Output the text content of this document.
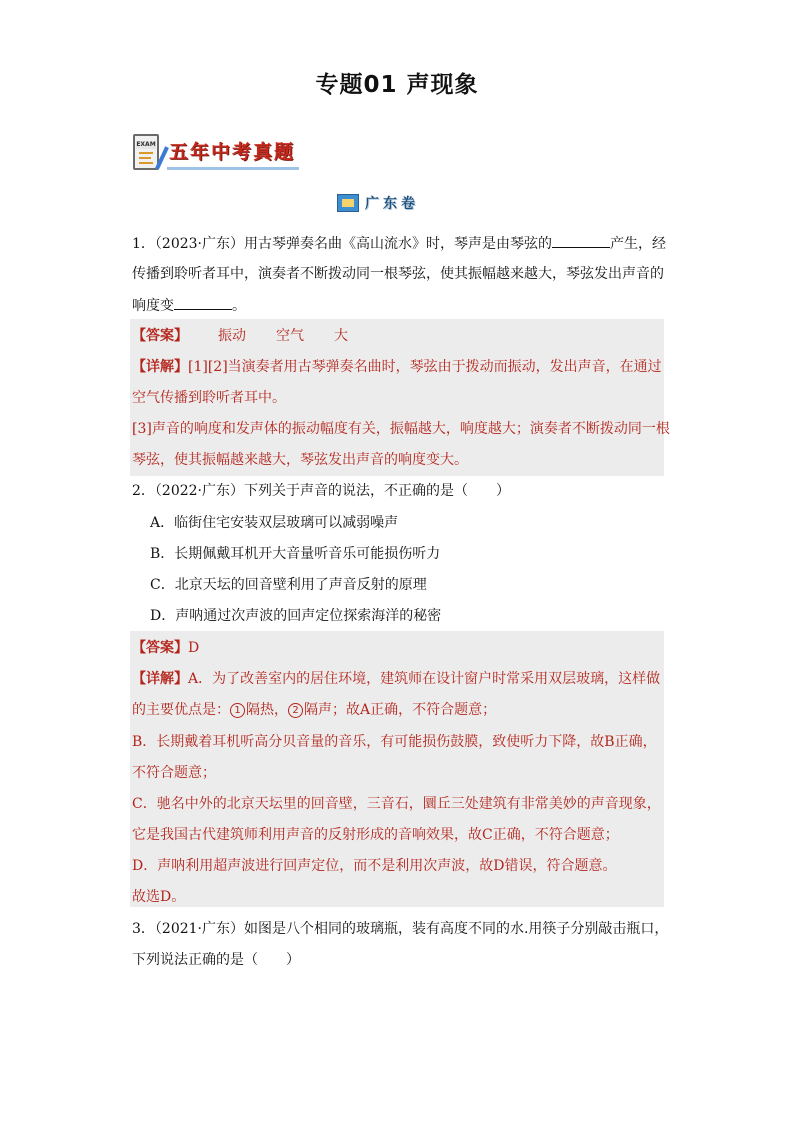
专题01 声现象
EXAM 五年中考真题
广东卷
1．（2023·广东）用古琴弹奏名曲《高山流水》时，琴声是由琴弦的	产生，经
传播到聆听者耳中，演奏者不断拨动同一根琴弦，使其振幅越来越大，琴弦发出声音的
响度变	。
【答案】 振动 空气 大
【详解】[1][2]当演奏者用古琴弹奏名曲时，琴弦由于拨动而振动，发出声音，在通过
空气传播到聆听者耳中。
[3]声音的响度和发声体的振动幅度有关，振幅越大，响度越大；演奏者不断拨动同一根
琴弦，使其振幅越来越大，琴弦发出声音的响度变大。
2．（2022·广东）下列关于声音的说法，不正确的是（　　）
A．临街住宅安装双层玻璃可以减弱噪声
B．长期佩戴耳机开大音量听音乐可能损伤听力
C．北京天坛的回音壁利用了声音反射的原理
D．声呐通过次声波的回声定位探索海洋的秘密
【答案】D
【详解】A．为了改善室内的居住环境，建筑师在设计窗户时常采用双层玻璃，这样做
的主要优点是： 1 隔热， 2 隔声；故A正确，不符合题意；
B．长期戴着耳机听高分贝音量的音乐，有可能损伤鼓膜，致使听力下降，故B正确，
不符合题意；
C．驰名中外的北京天坛里的回音壁，三音石，圜丘三处建筑有非常美妙的声音现象，
它是我国古代建筑师利用声音的反射形成的音响效果，故C正确，不符合题意；
D．声呐利用超声波进行回声定位，而不是利用次声波，故D错误，符合题意。
故选D。
3．（2021·广东）如图是八个相同的玻璃瓶，装有高度不同的水.用筷子分别敲击瓶口，
下列说法正确的是（　　）
